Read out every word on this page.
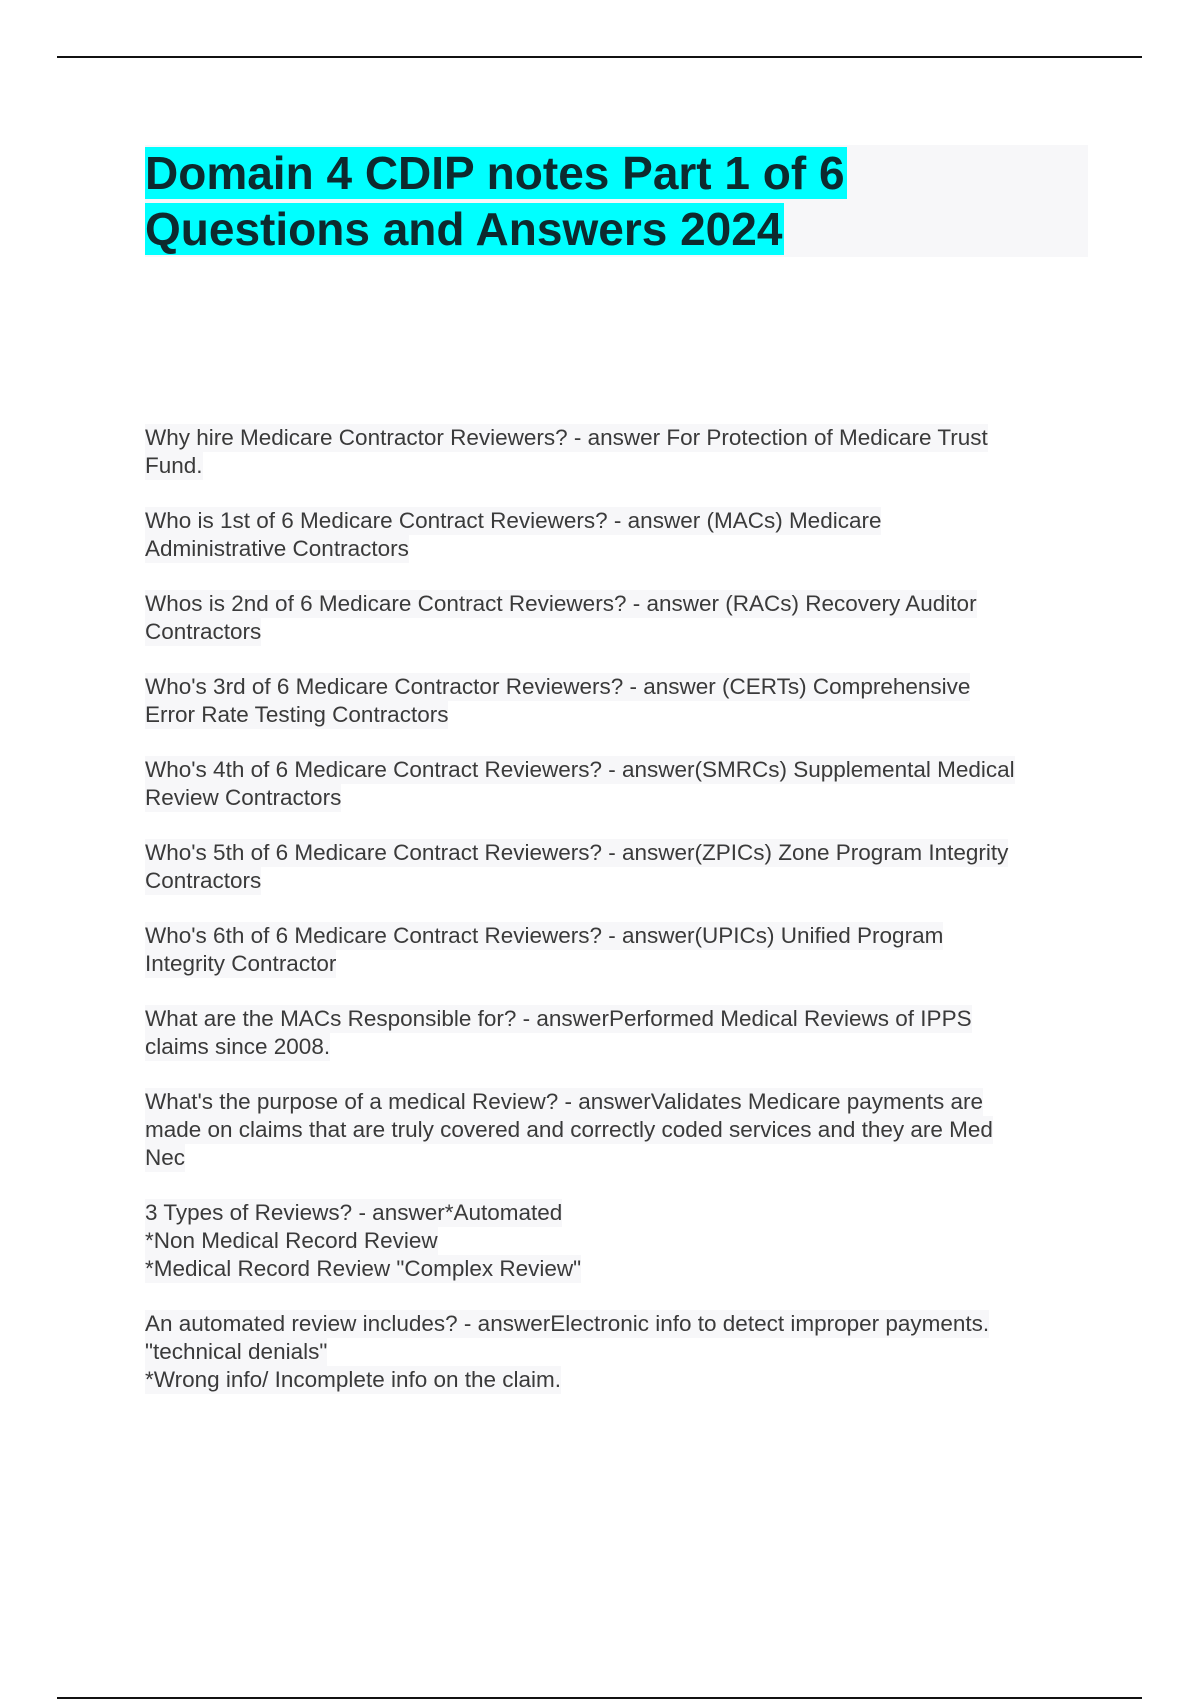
Domain 4 CDIP notes Part 1 of 6
Questions and Answers 2024

Why hire Medicare Contractor Reviewers? - answer For Protection of Medicare Trust
Fund.

Who is 1st of 6 Medicare Contract Reviewers? - answer (MACs) Medicare
Administrative Contractors

Whos is 2nd of 6 Medicare Contract Reviewers? - answer (RACs) Recovery Auditor
Contractors

Who's 3rd of 6 Medicare Contractor Reviewers? - answer (CERTs) Comprehensive
Error Rate Testing Contractors

Who's 4th of 6 Medicare Contract Reviewers? - answer(SMRCs) Supplemental Medical
Review Contractors

Who's 5th of 6 Medicare Contract Reviewers? - answer(ZPICs) Zone Program Integrity
Contractors

Who's 6th of 6 Medicare Contract Reviewers? - answer(UPICs) Unified Program
Integrity Contractor

What are the MACs Responsible for? - answerPerformed Medical Reviews of IPPS
claims since 2008.

What's the purpose of a medical Review? - answerValidates Medicare payments are
made on claims that are truly covered and correctly coded services and they are Med
Nec

3 Types of Reviews? - answer*Automated
*Non Medical Record Review
*Medical Record Review "Complex Review"

An automated review includes? - answerElectronic info to detect improper payments.
"technical denials"
*Wrong info/ Incomplete info on the claim.
